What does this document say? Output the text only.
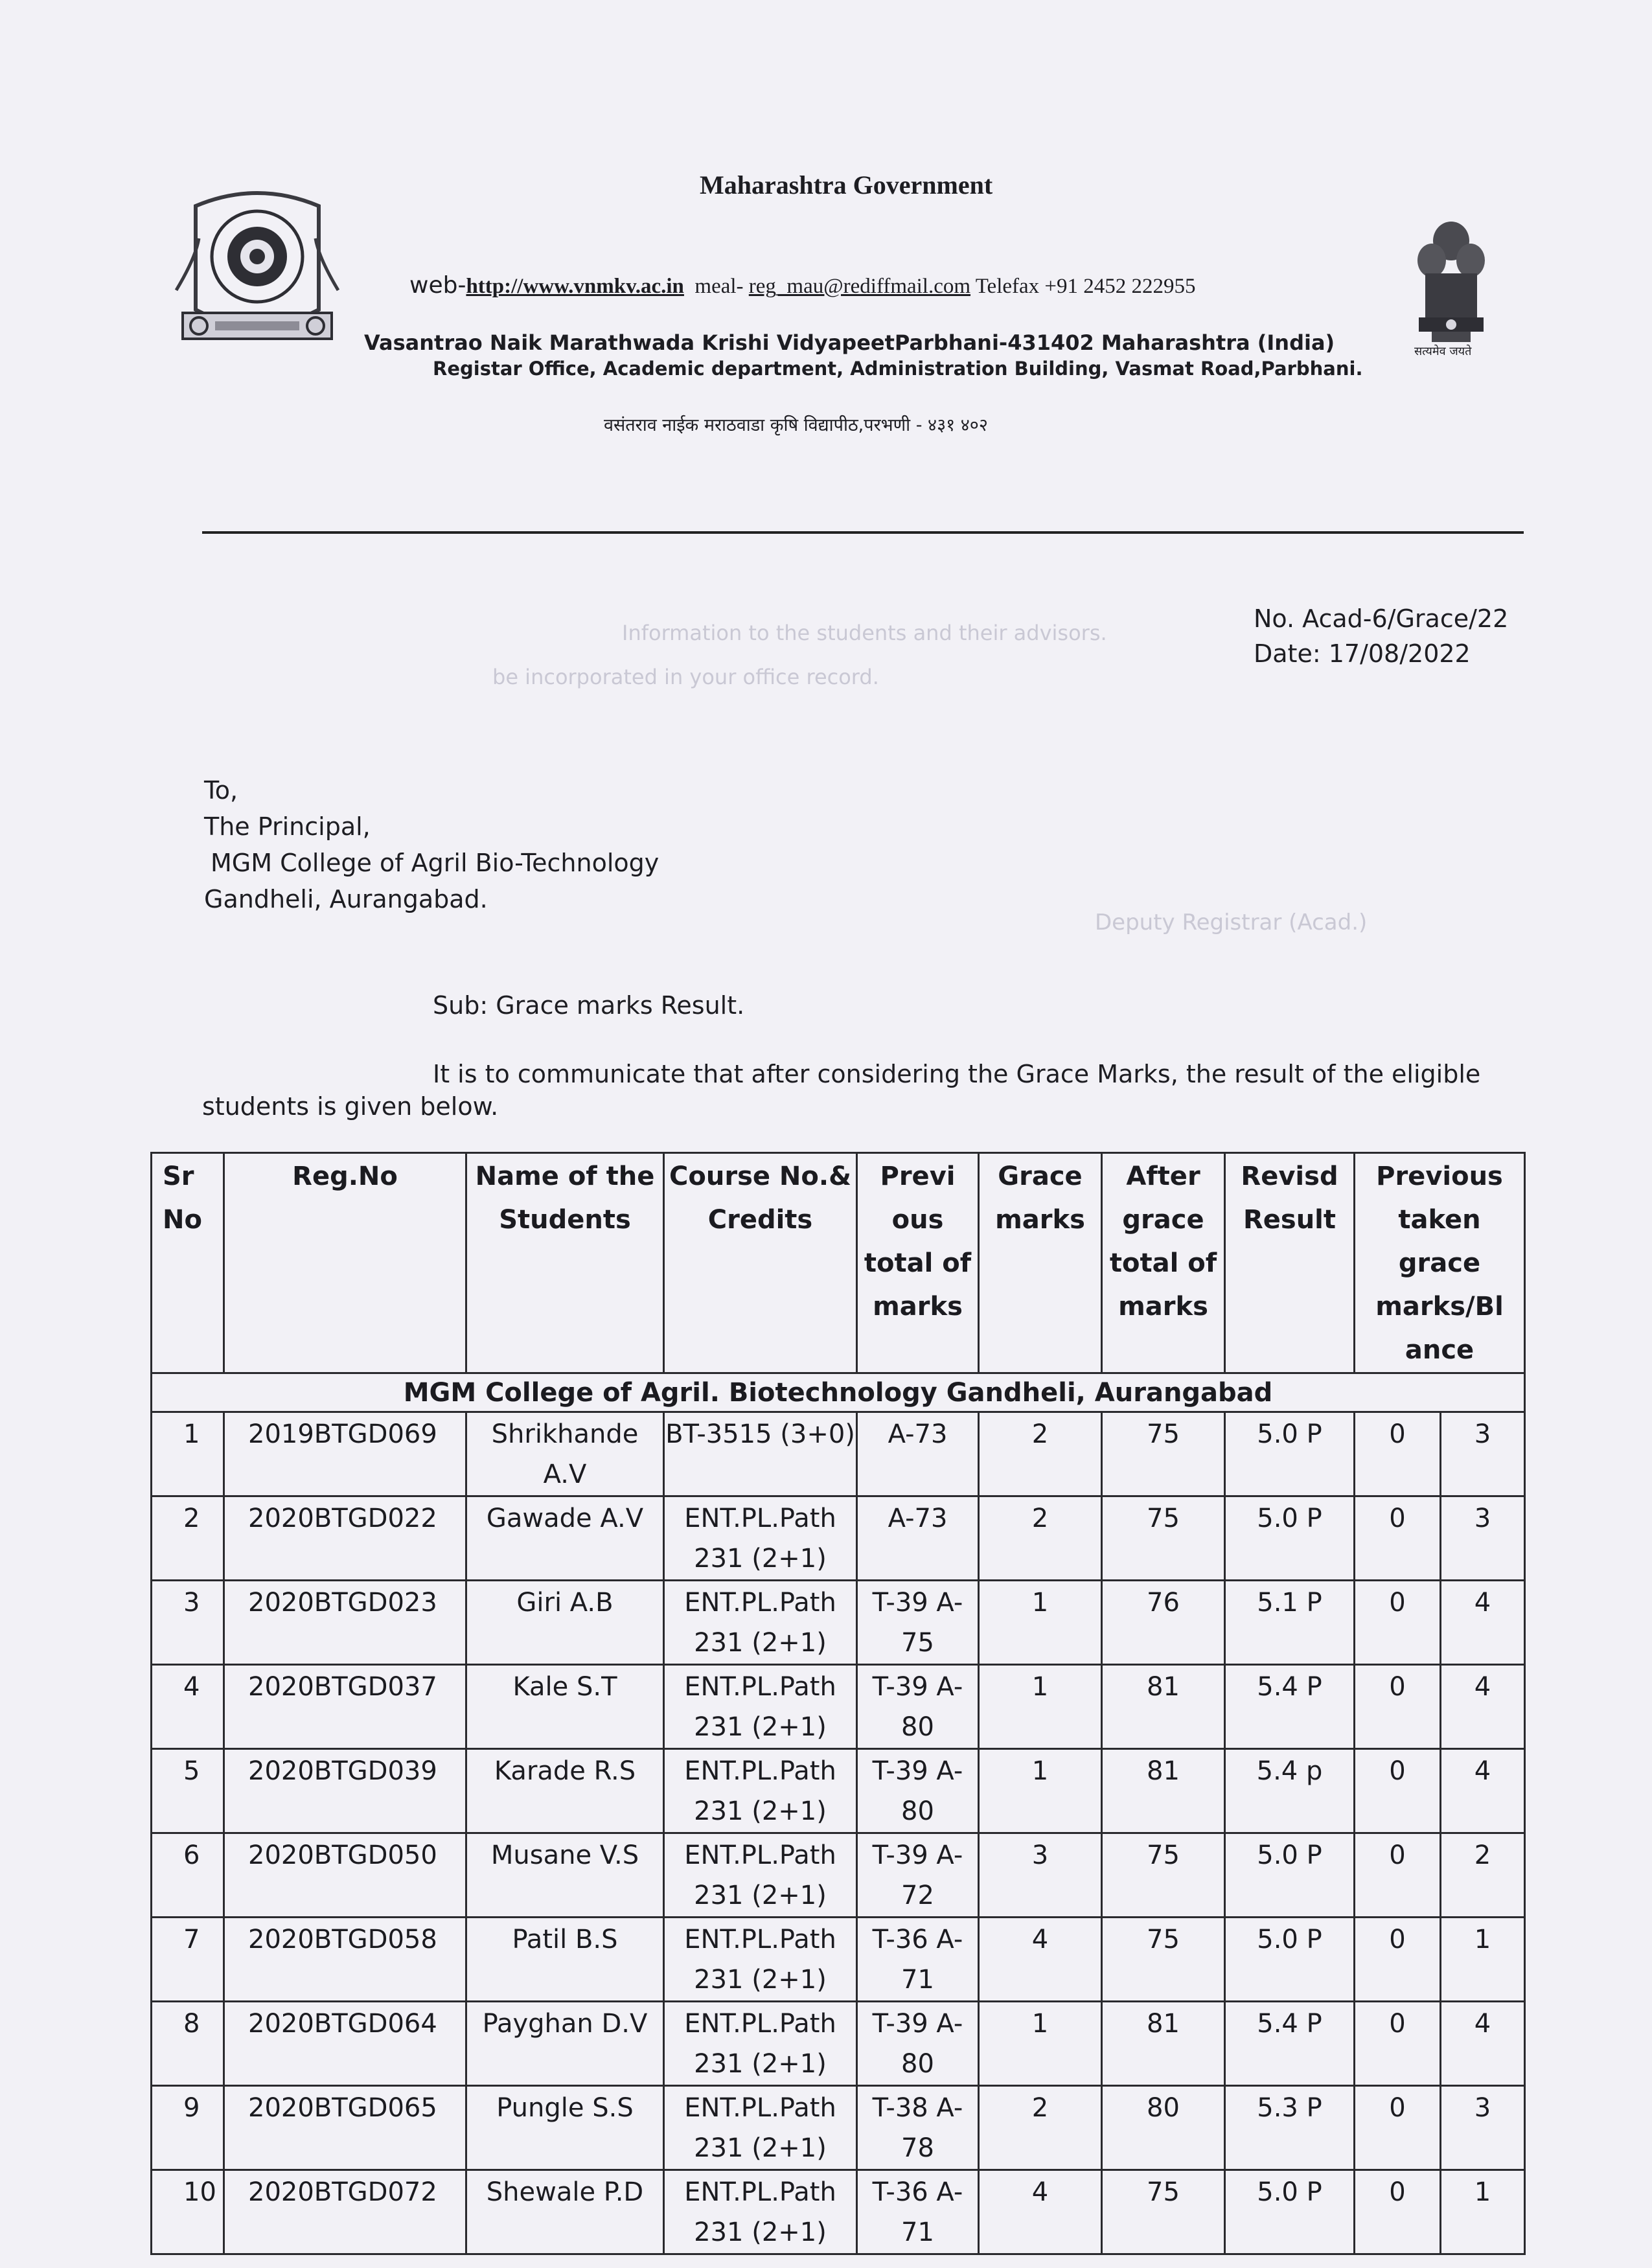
Information to the students and their advisors.
be incorporated in your office record.
Deputy Registrar (Acad.)
सत्यमेव जयते
Maharashtra Government
web-http://www.vnmkv.ac.in meal- reg_mau@rediffmail.com Telefax +91 2452 222955
Vasantrao Naik Marathwada Krishi VidyapeetParbhani-431402 Maharashtra (India)
Registar Office, Academic department, Administration Building, Vasmat Road,Parbhani.
वसंतराव नाईक मराठवाडा कृषि विद्यापीठ,परभणी - ४३१ ४०२
No. Acad-6/Grace/22
Date: 17/08/2022
To,
The Principal,
MGM College of Agril Bio-Technology
Gandheli, Aurangabad.
Sub: Grace marks Result.
It is to communicate that after considering the Grace Marks, the result of the eligible
students is given below.
Sr No	Reg.No	Name of the Students	Course No.& Credits	Previ ous total of marks	Grace marks	After grace total of marks	Revisd Result	Previous taken grace marks/Bl ance	
MGM College of Agril. Biotechnology Gandheli, Aurangabad									
1	2019BTGD069	Shrikhande A.V	BT-3515 (3+0)	A-73	2	75	5.0 P	0	3
2	2020BTGD022	Gawade A.V	ENT.PL.Path 231 (2+1)	A-73	2	75	5.0 P	0	3
3	2020BTGD023	Giri A.B	ENT.PL.Path 231 (2+1)	T-39 A-75	1	76	5.1 P	0	4
4	2020BTGD037	Kale S.T	ENT.PL.Path 231 (2+1)	T-39 A-80	1	81	5.4 P	0	4
5	2020BTGD039	Karade R.S	ENT.PL.Path 231 (2+1)	T-39 A-80	1	81	5.4 p	0	4
6	2020BTGD050	Musane V.S	ENT.PL.Path 231 (2+1)	T-39 A-72	3	75	5.0 P	0	2
7	2020BTGD058	Patil B.S	ENT.PL.Path 231 (2+1)	T-36 A-71	4	75	5.0 P	0	1
8	2020BTGD064	Payghan D.V	ENT.PL.Path 231 (2+1)	T-39 A-80	1	81	5.4 P	0	4
9	2020BTGD065	Pungle S.S	ENT.PL.Path 231 (2+1)	T-38 A-78	2	80	5.3 P	0	3
10	2020BTGD072	Shewale P.D	ENT.PL.Path 231 (2+1)	T-36 A-71	4	75	5.0 P	0	1
